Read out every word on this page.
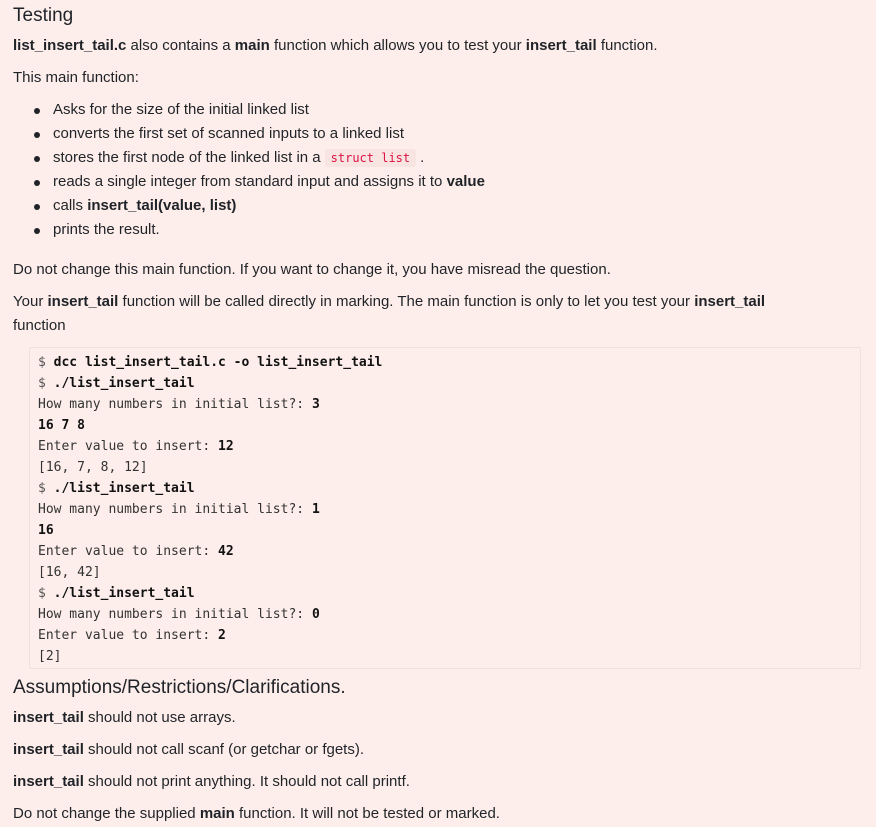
Testing

list_insert_tail.c also contains a main function which allows you to test your insert_tail function.

This main function:

Asks for the size of the initial linked list
converts the first set of scanned inputs to a linked list
stores the first node of the linked list in a struct list .
reads a single integer from standard input and assigns it to value
calls insert_tail(value, list)
prints the result.

Do not change this main function. If you want to change it, you have misread the question.

Your insert_tail function will be called directly in marking. The main function is only to let you test your insert_tail
function

$ dcc list_insert_tail.c -o list_insert_tail
$ ./list_insert_tail
How many numbers in initial list?: 3
16 7 8
Enter value to insert: 12
[16, 7, 8, 12]
$ ./list_insert_tail
How many numbers in initial list?: 1
16
Enter value to insert: 42
[16, 42]
$ ./list_insert_tail
How many numbers in initial list?: 0
Enter value to insert: 2
[2]
Assumptions/Restrictions/Clarifications.

insert_tail should not use arrays.

insert_tail should not call scanf (or getchar or fgets).

insert_tail should not print anything. It should not call printf.

Do not change the supplied main function. It will not be tested or marked.
